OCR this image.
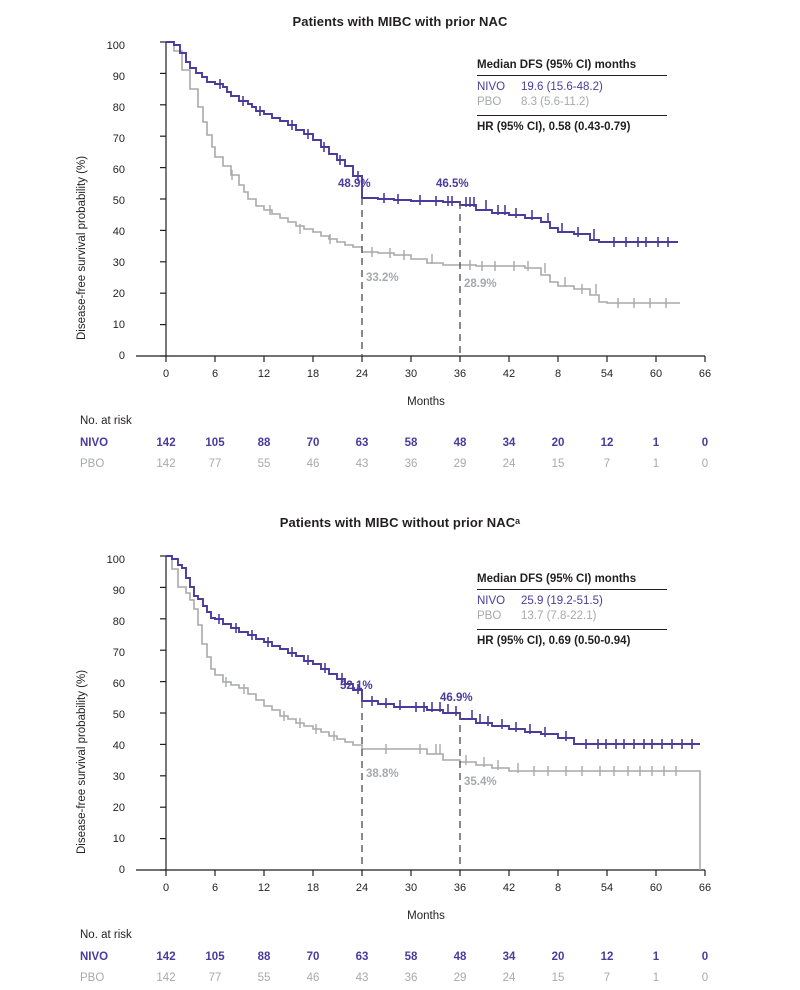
Patients with MIBC with prior NAC
Disease-free survival probability (%)
0
10
20
30
40
50
60
70
80
90
100
0	6	12	18	24	30	36	42	8	54	60	66
Months
48.9%	46.5%
33.2%	28.9%
Median DFS (95% CI) months
NIVO	19.6 (15.6-48.2)
PBO	8.3 (5.6-11.2)
HR (95% CI), 0.58 (0.43-0.79)
No. at risk
NIVO	142	105	88	70	63	58	48	34	20	12	1	0
PBO	142	77	55	46	43	36	29	24	15	7	1	0
Patients with MIBC without prior NACᵃ
Disease-free survival probability (%)
0
10
20
30
40
50
60
70
80
90
100
0	6	12	18	24	30	36	42	8	54	60	66
Months
52.1%
46.9%
38.8%
35.4%
Median DFS (95% CI) months
NIVO	25.9 (19.2-51.5)
PBO	13.7 (7.8-22.1)
HR (95% CI), 0.69 (0.50-0.94)
No. at risk
NIVO	142	105	88	70	63	58	48	34	20	12	1	0
PBO	142	77	55	46	43	36	29	24	15	7	1	0
